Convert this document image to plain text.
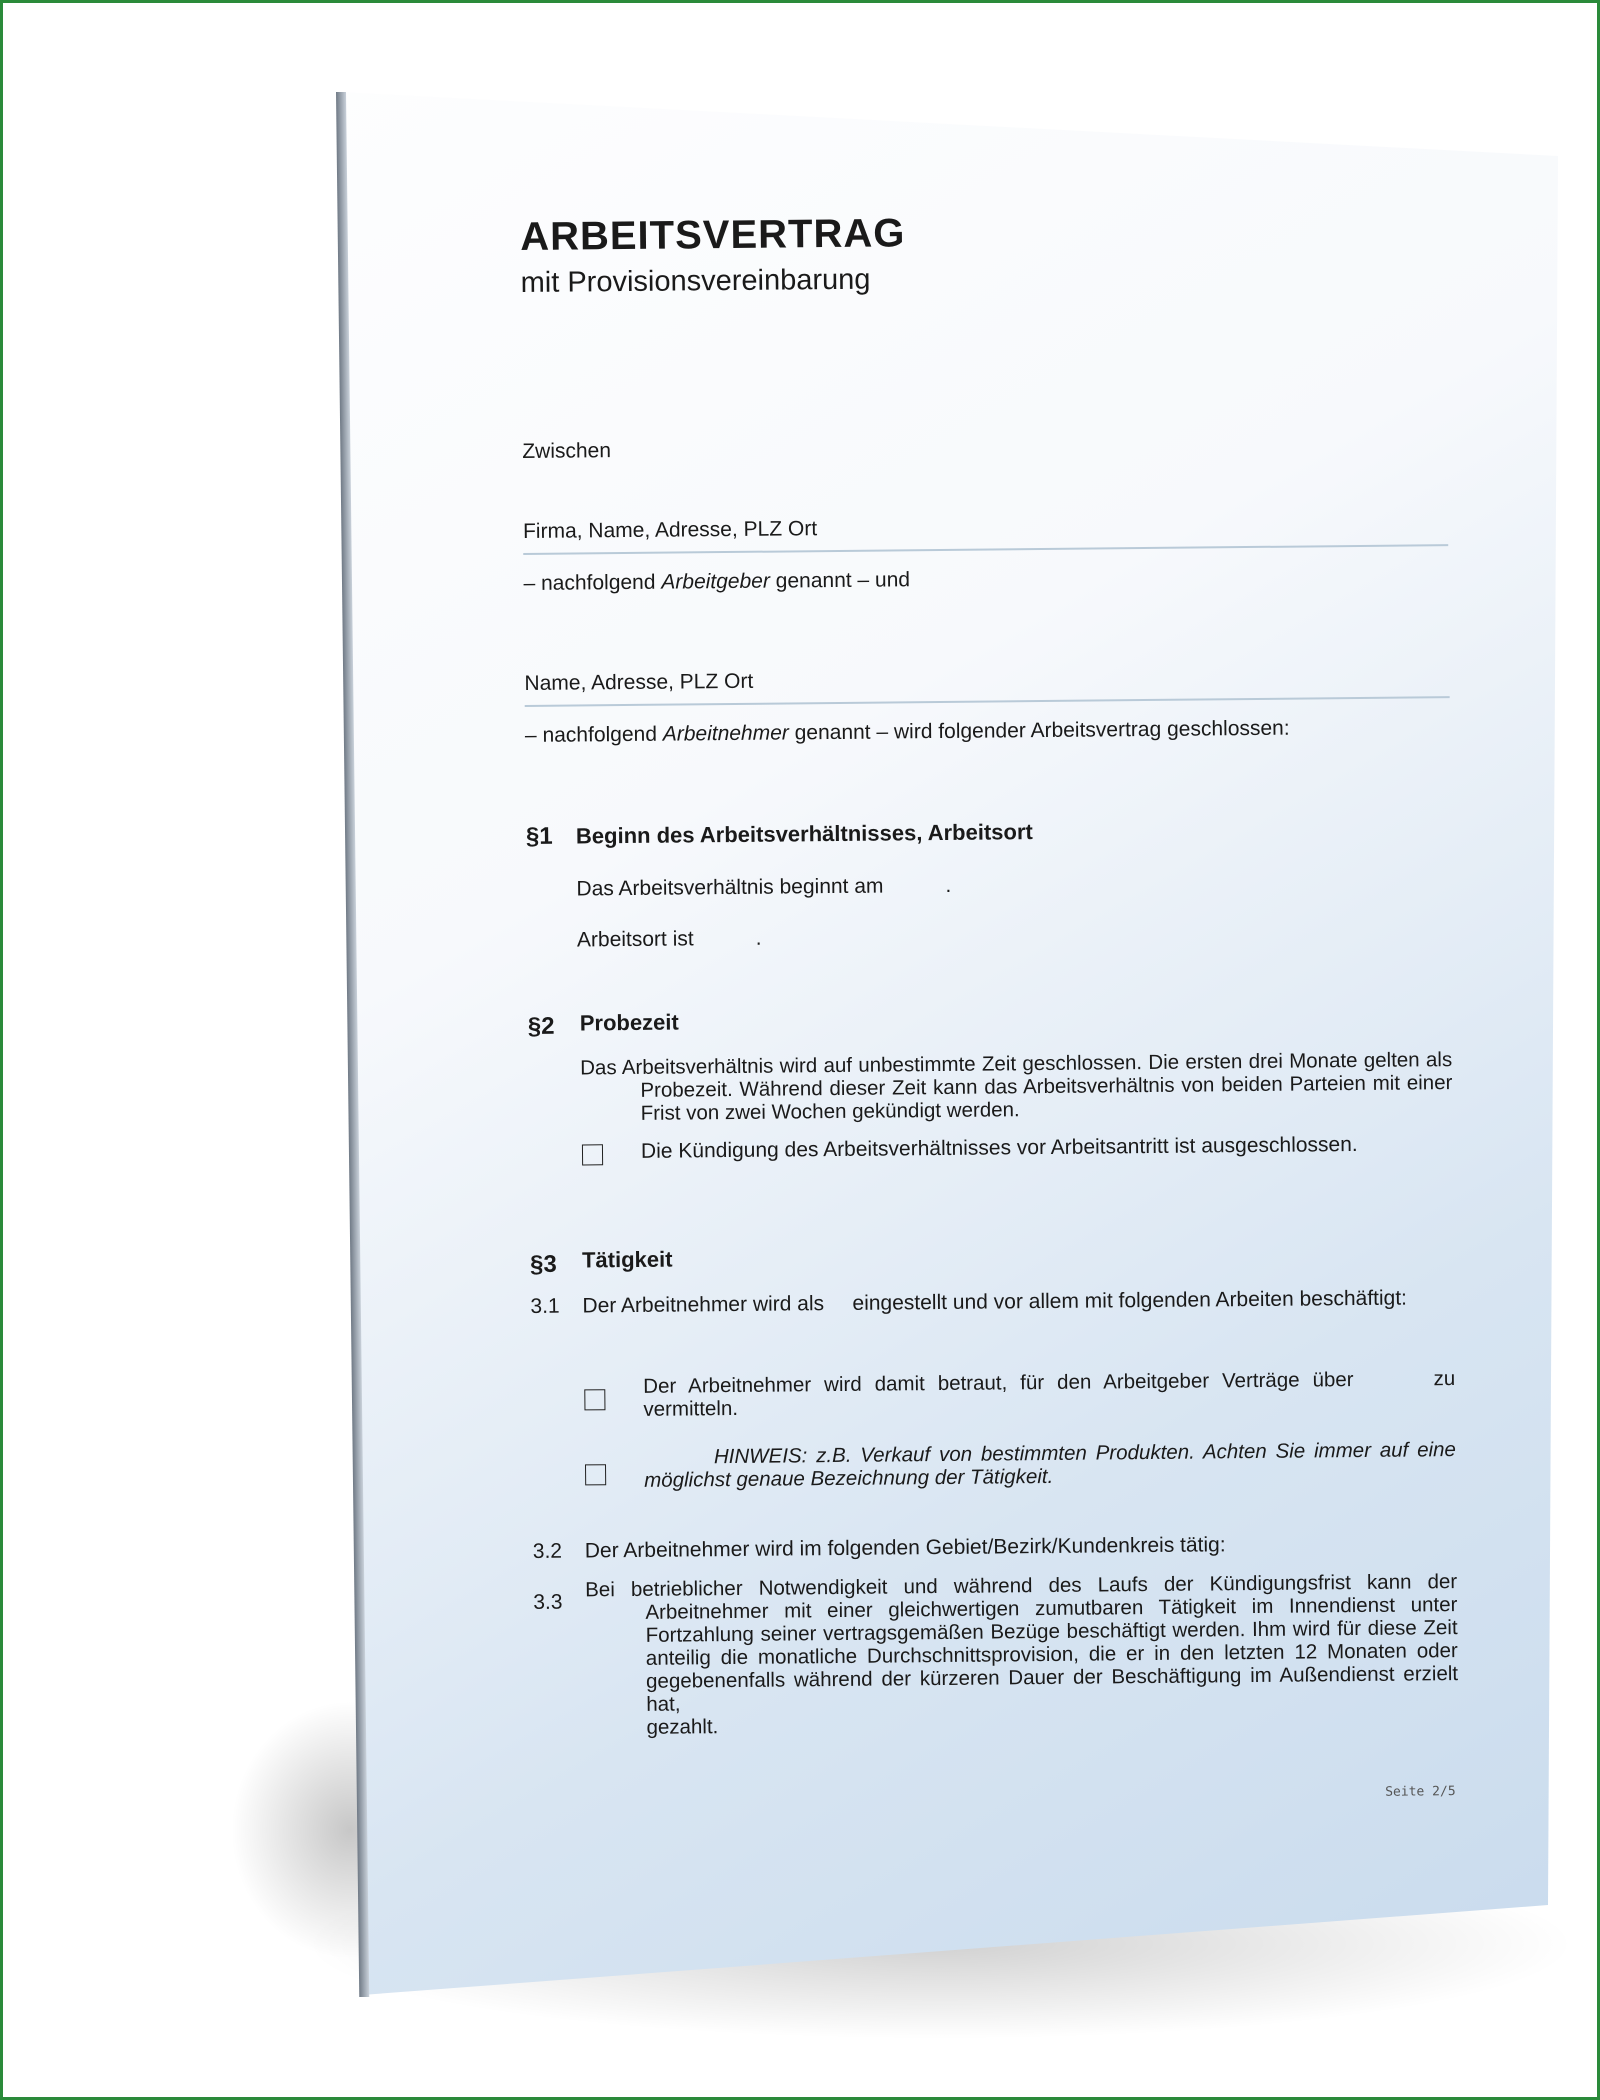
ARBEITSVERTRAG
mit Provisionsvereinbarung
Zwischen
Firma, Name, Adresse, PLZ Ort
– nachfolgend Arbeitgeber genannt – und
Name, Adresse, PLZ Ort
– nachfolgend Arbeitnehmer genannt – wird folgender Arbeitsvertrag geschlossen:
§1 Beginn des Arbeitsverhältnisses, Arbeitsort
Das Arbeitsverhältnis beginnt am	.
Arbeitsort ist	.
§2 Probezeit
Das Arbeitsverhältnis wird auf unbestimmte Zeit geschlossen. Die ersten drei Monate gelten als
Probezeit. Während dieser Zeit kann das Arbeitsverhältnis von beiden Parteien mit einer
Frist von zwei Wochen gekündigt werden.
Die Kündigung des Arbeitsverhältnisses vor Arbeitsantritt ist ausgeschlossen.
§3 Tätigkeit
3.1 Der Arbeitnehmer wird als eingestellt und vor allem mit folgenden Arbeiten beschäftigt:
Der Arbeitnehmer wird damit betraut, für den Arbeitgeber Verträge über	zu
vermitteln.
HINWEIS: z.B. Verkauf von bestimmten Produkten. Achten Sie immer auf eine
möglichst genaue Bezeichnung der Tätigkeit.
3.2 Der Arbeitnehmer wird im folgenden Gebiet/Bezirk/Kundenkreis tätig:
3.3
Bei betrieblicher Notwendigkeit und während des Laufs der Kündigungsfrist kann der
Arbeitnehmer mit einer gleichwertigen zumutbaren Tätigkeit im Innendienst unter
Fortzahlung seiner vertragsgemäßen Bezüge beschäftigt werden. Ihm wird für diese Zeit
anteilig die monatliche Durchschnittsprovision, die er in den letzten 12 Monaten oder
gegebenenfalls während der kürzeren Dauer der Beschäftigung im Außendienst erzielt hat,
gezahlt.
Seite 2/5
